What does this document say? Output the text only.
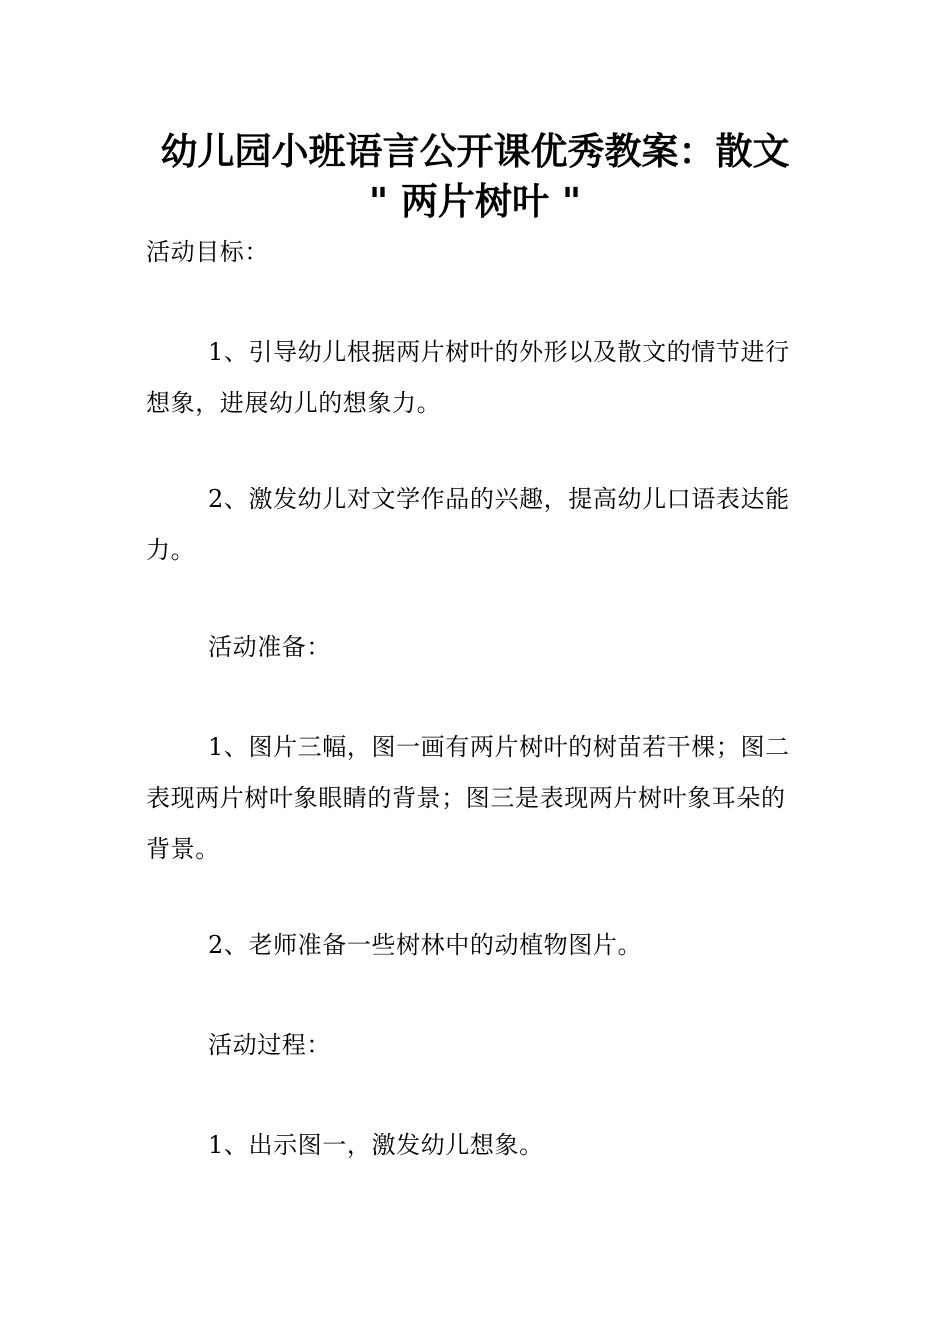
幼儿园小班语言公开课优秀教案：散文
" 两片树叶 "

活动目标：

1、引导幼儿根据两片树叶的外形以及散文的情节进行想象，进展幼儿的想象力。

2、激发幼儿对文学作品的兴趣，提高幼儿口语表达能力。

活动准备：

1、图片三幅，图一画有两片树叶的树苗若干棵；图二表现两片树叶象眼睛的背景；图三是表现两片树叶象耳朵的背景。

2、老师准备一些树林中的动植物图片。

活动过程：

1、出示图一，激发幼儿想象。
